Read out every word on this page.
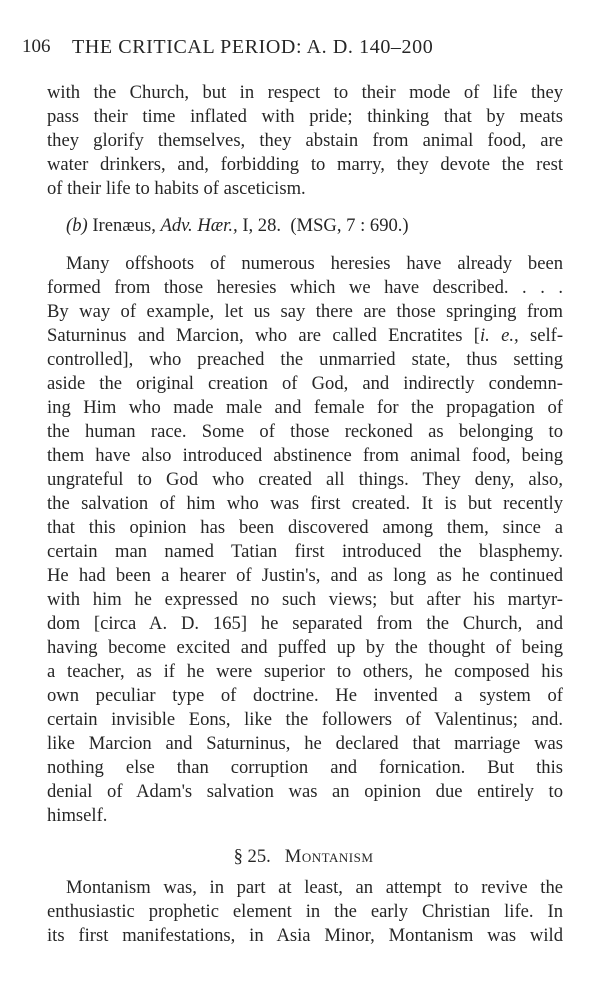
106 THE CRITICAL PERIOD: A. D. 140–200
with the Church, but in respect to their mode of life they
pass their time inflated with pride; thinking that by meats
they glorify themselves, they abstain from animal food, are
water drinkers, and, forbidding to marry, they devote the rest
of their life to habits of asceticism.
(b) Irenæus, Adv. Hær., I, 28. (MSG, 7 : 690.)
Many offshoots of numerous heresies have already been
formed from those heresies which we have described. . . .
By way of example, let us say there are those springing from
Saturninus and Marcion, who are called Encratites [i. e., self-
controlled], who preached the unmarried state, thus setting
aside the original creation of God, and indirectly condemn-
ing Him who made male and female for the propagation of
the human race. Some of those reckoned as belonging to
them have also introduced abstinence from animal food, being
ungrateful to God who created all things. They deny, also,
the salvation of him who was first created. It is but recently
that this opinion has been discovered among them, since a
certain man named Tatian first introduced the blasphemy.
He had been a hearer of Justin's, and as long as he continued
with him he expressed no such views; but after his martyr-
dom [circa A. D. 165] he separated from the Church, and
having become excited and puffed up by the thought of being
a teacher, as if he were superior to others, he composed his
own peculiar type of doctrine. He invented a system of
certain invisible Eons, like the followers of Valentinus; and.
like Marcion and Saturninus, he declared that marriage was
nothing else than corruption and fornication. But this
denial of Adam's salvation was an opinion due entirely to
himself.
§ 25. Montanism
Montanism was, in part at least, an attempt to revive the
enthusiastic prophetic element in the early Christian life. In
its first manifestations, in Asia Minor, Montanism was wild
